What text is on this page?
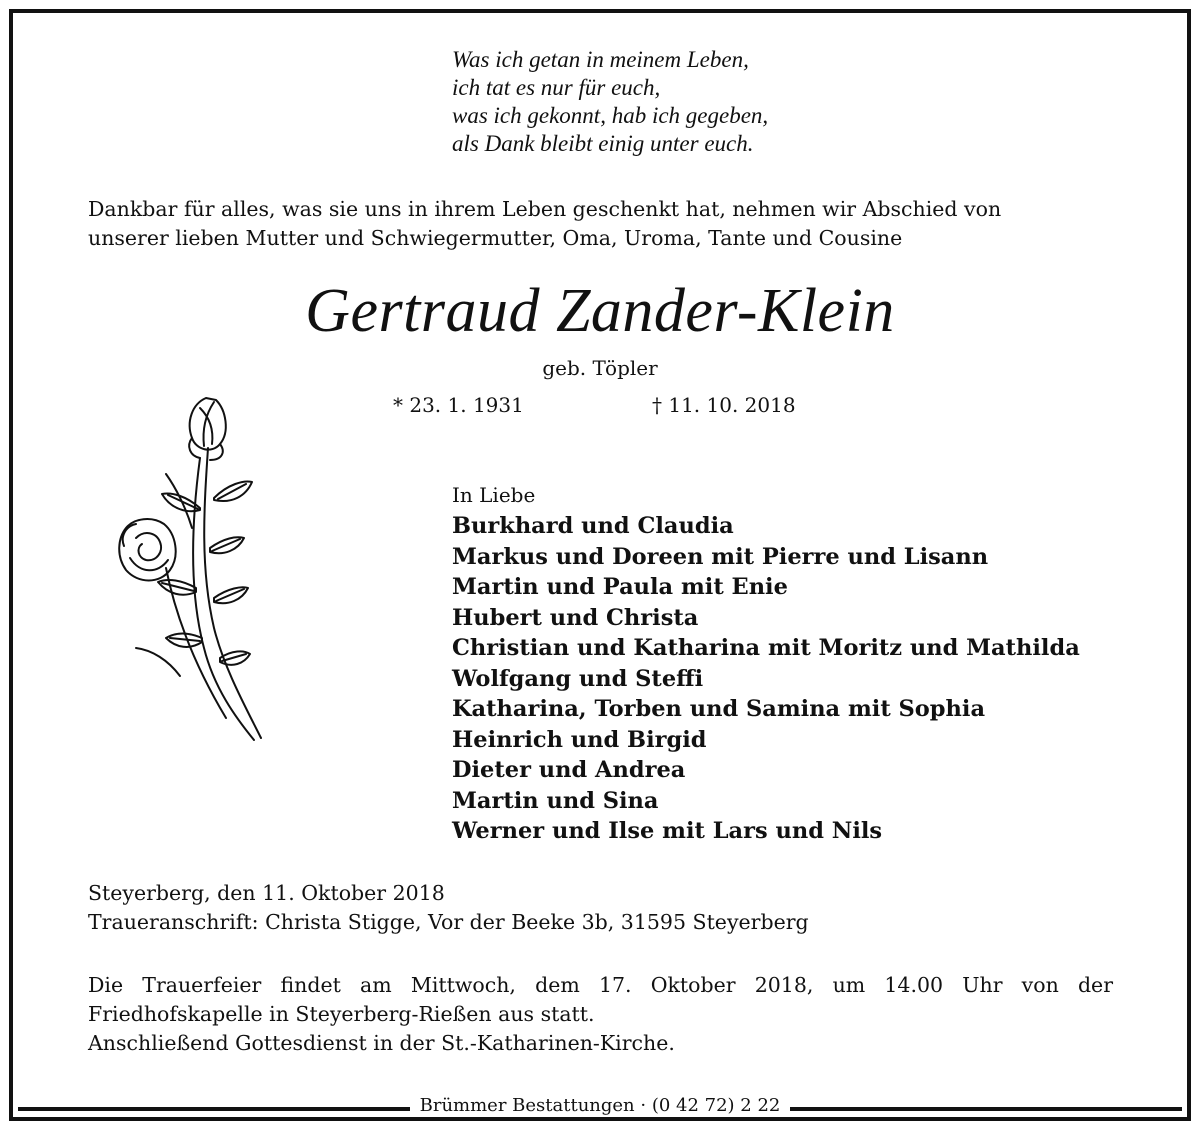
Was ich getan in meinem Leben,
ich tat es nur für euch,
was ich gekonnt, hab ich gegeben,
als Dank bleibt einig unter euch.
Dankbar für alles, was sie uns in ihrem Leben geschenkt hat, nehmen wir Abschied von
unserer lieben Mutter und Schwiegermutter, Oma, Uroma, Tante und Cousine
Gertraud Zander-Klein
geb. Töpler
* 23. 1. 1931	† 11. 10. 2018
In Liebe
Burkhard und Claudia
Markus und Doreen mit Pierre und Lisann
Martin und Paula mit Enie
Hubert und Christa
Christian und Katharina mit Moritz und Mathilda
Wolfgang und Steffi
Katharina, Torben und Samina mit Sophia
Heinrich und Birgid
Dieter und Andrea
Martin und Sina
Werner und Ilse mit Lars und Nils
Steyerberg, den 11. Oktober 2018
Traueranschrift: Christa Stigge, Vor der Beeke 3b, 31595 Steyerberg
Die Trauerfeier findet am Mittwoch, dem 17. Oktober 2018, um 14.00 Uhr von der
Friedhofskapelle in Steyerberg-Rießen aus statt.
Anschließend Gottesdienst in der St.-Katharinen-Kirche.
Brümmer Bestattungen · (0 42 72) 2 22
